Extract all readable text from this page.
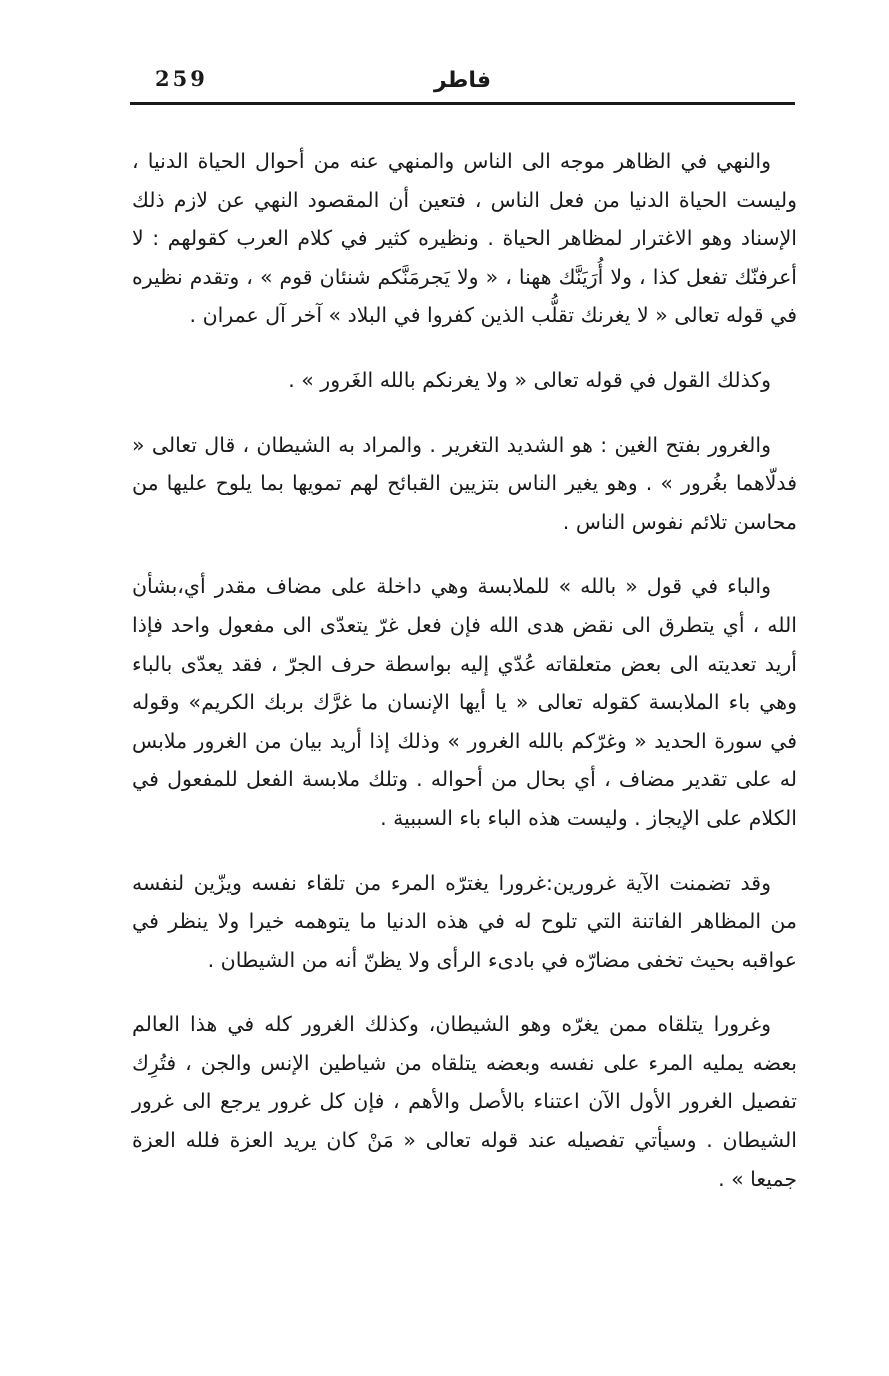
259	فاطر

والنهي في الظاهر موجه الى الناس والمنهي عنه من أحوال الحياة الدنيا ، وليست الحياة الدنيا من فعل الناس ، فتعين أن المقصود النهي عن لازم ذلك الإسناد وهو الاغترار لمظاهر الحياة . ونظيره كثير في كلام العرب كقولهم : لا أعرفنّك تفعل كذا ، ولا أُرَيَنَّك ههنا ، « ولا يَجرمَنَّكم شنئان قوم » ، وتقدم نظيره في قوله تعالى « لا يغرنك تقلُّب الذين كفروا في البلاد » آخر آل عمران .

وكذلك القول في قوله تعالى « ولا يغرنكم بالله الغَرور » .

والغرور بفتح الغين : هو الشديد التغرير . والمراد به الشيطان ، قال تعالى « فدلّاهما بغُرور » . وهو يغير الناس بتزيين القبائح لهم تمويها بما يلوح عليها من محاسن تلائم نفوس الناس .

والباء في قول « بالله » للملابسة وهي داخلة على مضاف مقدر أي،بشأن الله ، أي يتطرق الى نقض هدى الله فإن فعل غرّ يتعدّى الى مفعول واحد فإذا أريد تعديته الى بعض متعلقاته عُدّي إليه بواسطة حرف الجرّ ، فقد يعدّى بالباء وهي باء الملابسة كقوله تعالى « يا أيها الإنسان ما غرَّك بربك الكريم» وقوله في سورة الحديد « وغرّكم بالله الغرور » وذلك إذا أريد بيان من الغرور ملابس له على تقدير مضاف ، أي بحال من أحواله . وتلك ملابسة الفعل للمفعول في الكلام على الإيجاز . وليست هذه الباء باء السببية .

وقد تضمنت الآية غرورين:غرورا يغترّه المرء من تلقاء نفسه ويزّين لنفسه من المظاهر الفاتنة التي تلوح له في هذه الدنيا ما يتوهمه خيرا ولا ينظر في عواقبه بحيث تخفى مضارّه في بادىء الرأى ولا يظنّ أنه من الشيطان .

وغرورا يتلقاه ممن يغرّه وهو الشيطان، وكذلك الغرور كله في هذا العالم بعضه يمليه المرء على نفسه وبعضه يتلقاه من شياطين الإنس والجن ، فتُرِك تفصيل الغرور الأول الآن اعتناء بالأصل والأهم ، فإن كل غرور يرجع الى غرور الشيطان . وسيأتي تفصيله عند قوله تعالى « مَنْ كان يريد العزة فلله العزة جميعا » .
